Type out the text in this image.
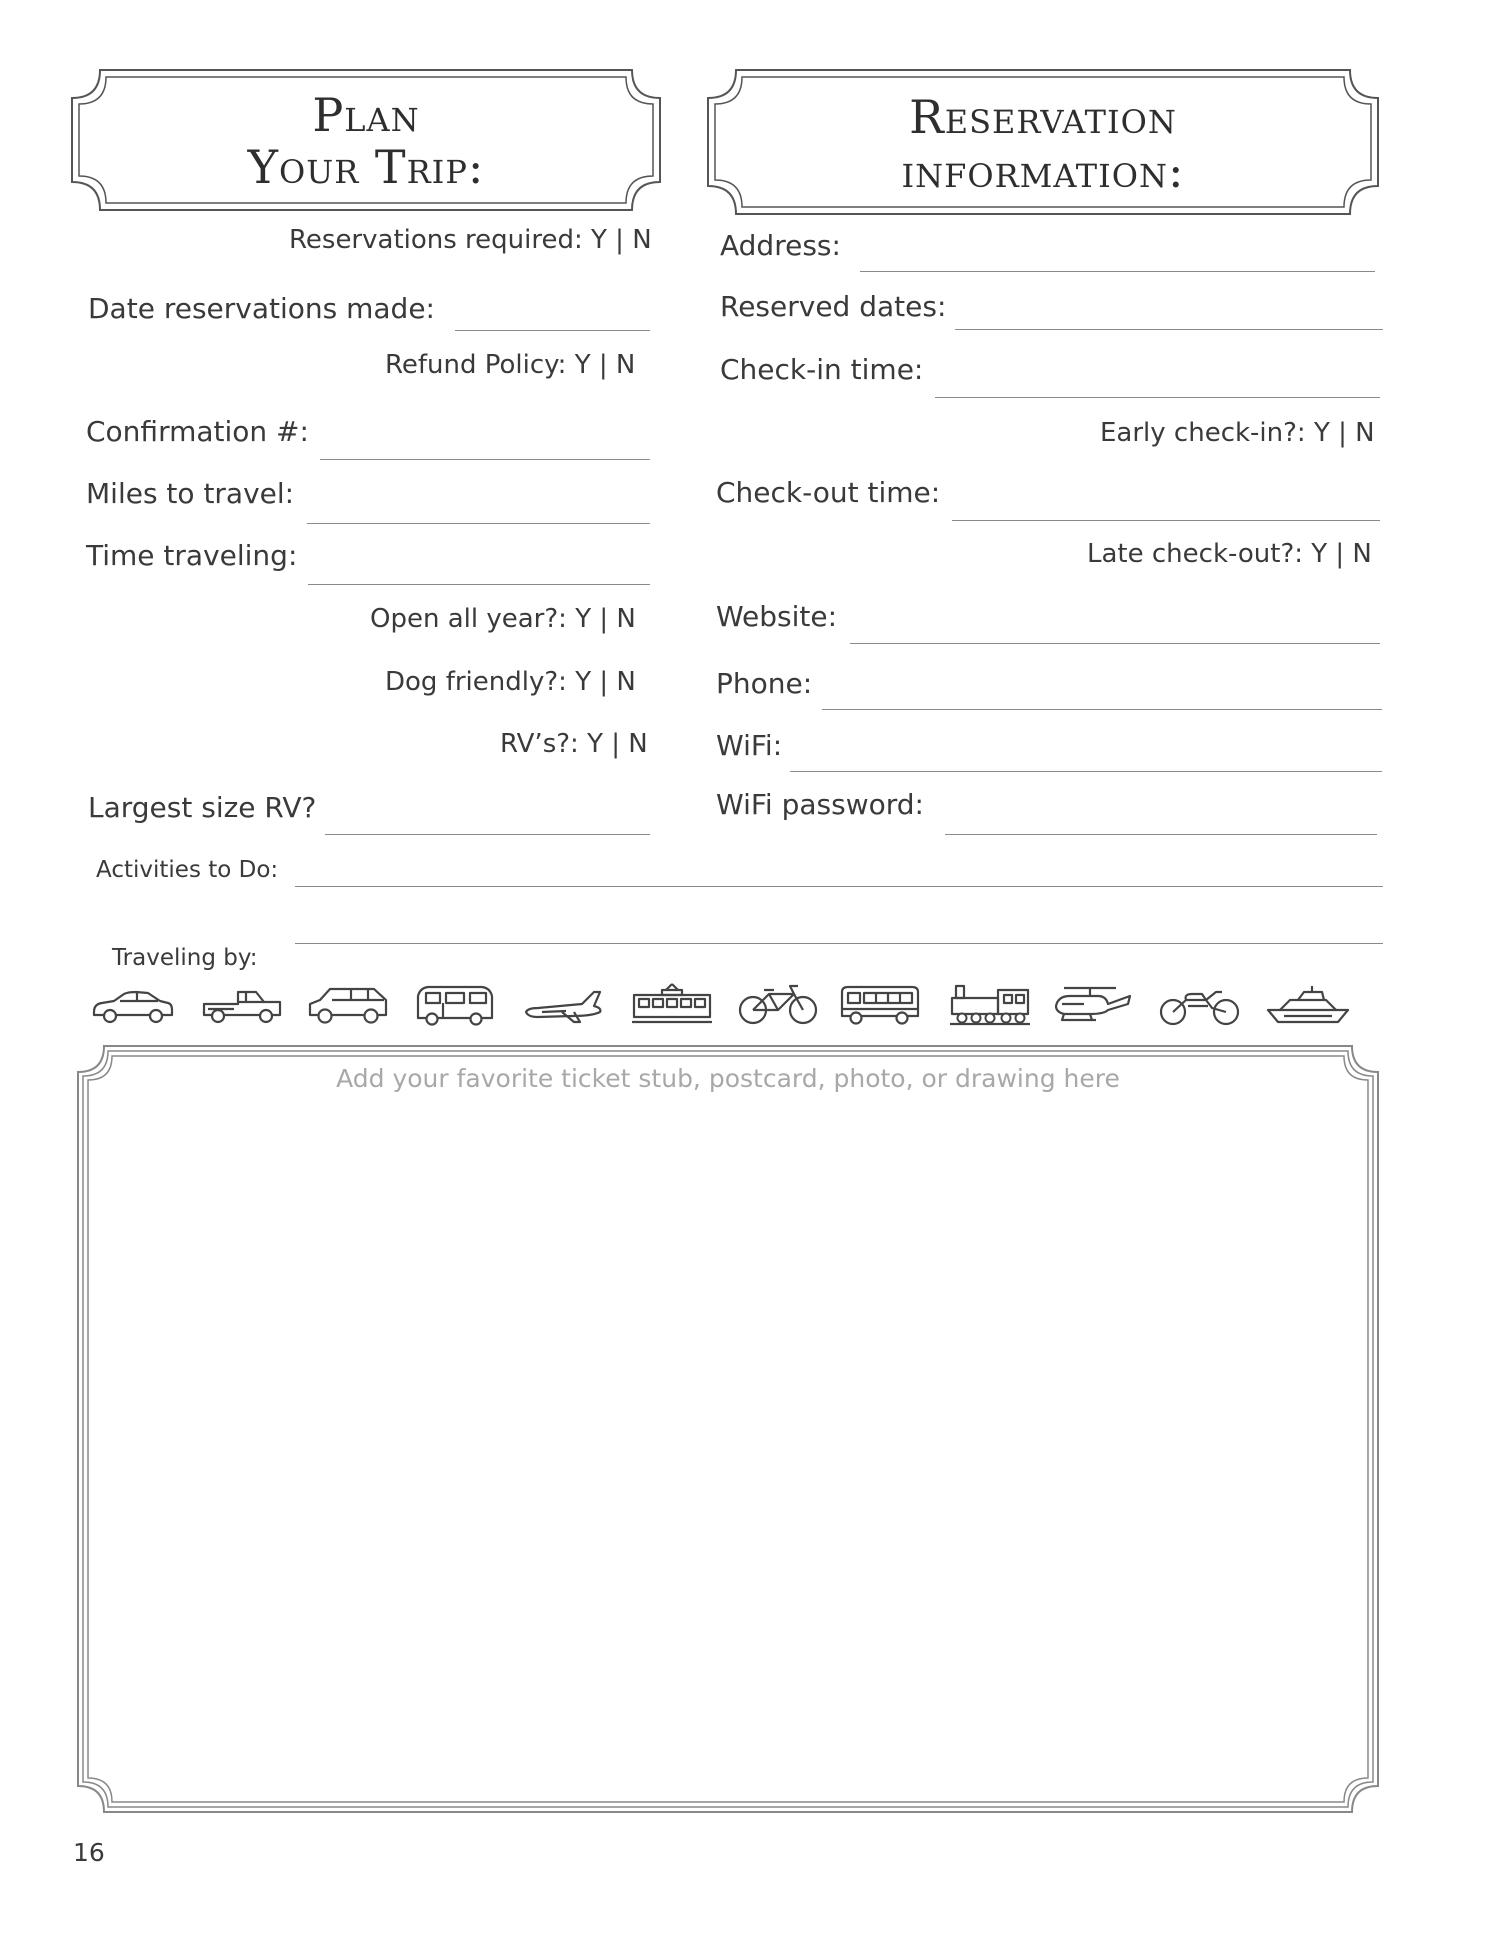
Plan
Your Trip:
Reservation
information:
Reservations required: Y | N
Date reservations made:
Refund Policy: Y | N
Confirmation #:
Miles to travel:
Time traveling:
Open all year?: Y | N
Dog friendly?: Y | N
RV’s?: Y | N
Largest size RV?
Address:
Reserved dates:
Check-in time:
Early check-in?: Y | N
Check-out time:
Late check-out?: Y | N
Website:
Phone:
WiFi:
WiFi password:
Activities to Do:
Traveling by:
Add your favorite ticket stub, postcard, photo, or drawing here
16
